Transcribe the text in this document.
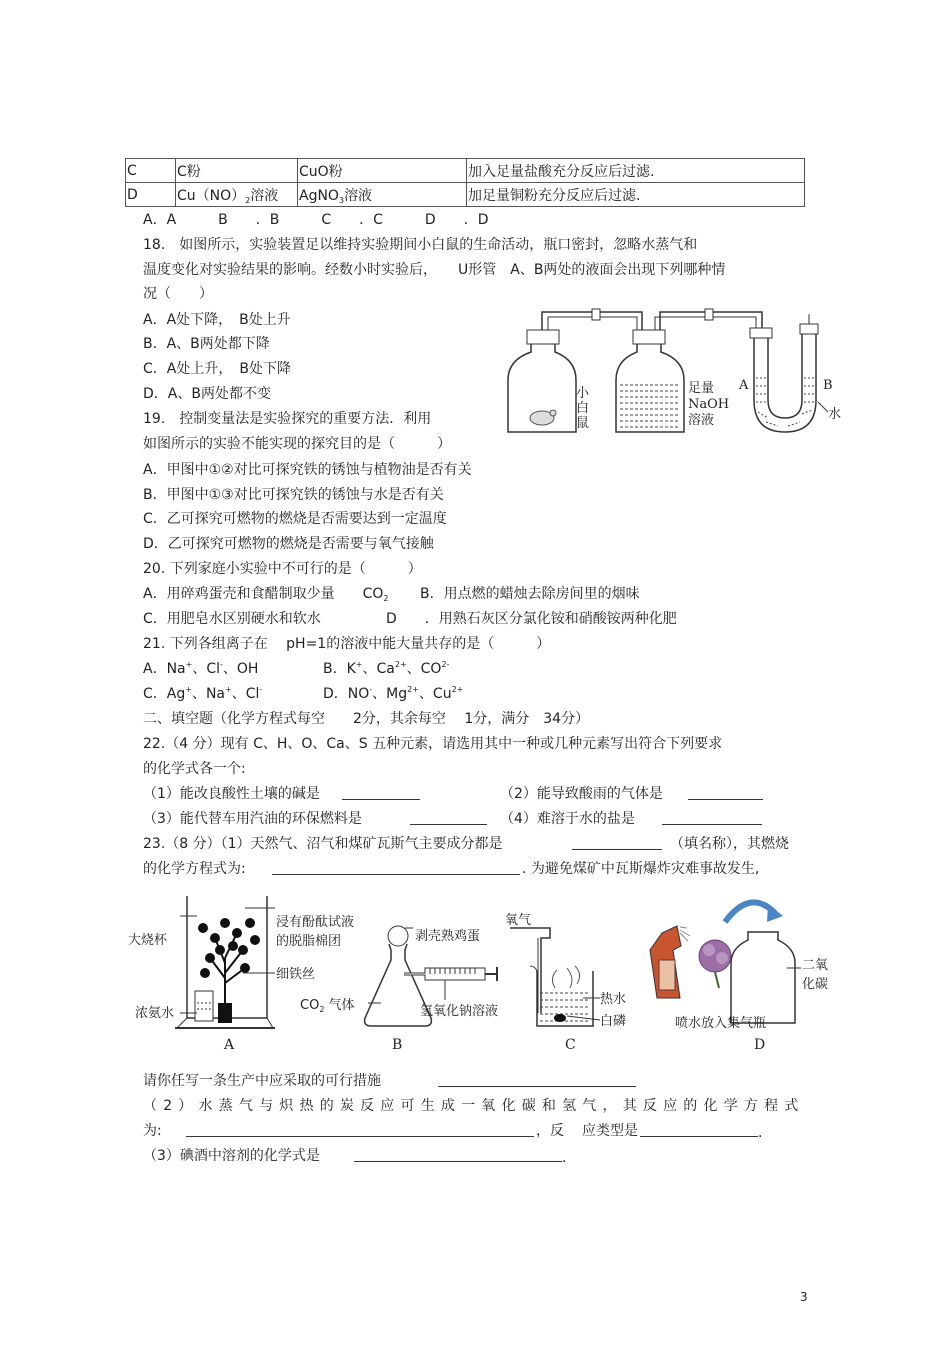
C	C粉	CuO粉	加入足量盐酸充分反应后过滤.
D	$Cu(NO)_2$溶液	AgNO$_3$溶液	加足量铜粉充分反应后过滤.
A．A　　　B　　．B　　　C　　．C　　　D　　．D
18.　如图所示，实验装置足以维持实验期间小白鼠的生命活动，瓶口密封，忽略水蒸气和
温度变化对实验结果的影响。经数小时实验后，　　U形管　A、B两处的液面会出现下列哪种情
况（　　）
A．A处下降，　B处上升
B．A、B两处都下降
C．A处上升，　B处下降
D．A、B两处都不变	小
白
鼠
足量
NaOH
溶液
A	B
水
19.　控制变量法是实验探究的重要方法．利用
如图所示的实验不能实现的探究目的是（　　　）
A．甲图中①②对比可探究铁的锈蚀与植物油是否有关
B．甲图中①③对比可探究铁的锈蚀与水是否有关
C．乙可探究可燃物的燃烧是否需要达到一定温度
D．乙可探究可燃物的燃烧是否需要与氧气接触
20. 下列家庭小实验中不可行的是（　　　）
A．用碎鸡蛋壳和食醋制取少量　　$CO_2$ B．用点燃的蜡烛去除房间里的烟味
C．用肥皂水区别硬水和软水	D　　．用熟石灰区分氯化铵和硝酸铵两种化肥
21. 下列各组离子在　 pH=1的溶液中能大量共存的是（　　　）
A．Na+、Cl-、OH	B．K+、$Ca^{2+}$、$CO^{2-}$
C．Ag+、Na+、Cl-	D．NO-、$Mg^{2+}$、$Cu^{2+}$
二、填空题（化学方程式每空　　2分，其余每空　 1分，满分　34分）
22.（4 分）现有 C、H、O、Ca、S 五种元素，请选用其中一种或几种元素写出符合下列要求
的化学式各一个:
（1）能改良酸性土壤的碱是	（2）能导致酸雨的气体是
（3）能代替车用汽油的环保燃料是	（4）难溶于水的盐是
23.（8 分）（1）天然气、沼气和煤矿瓦斯气主要成分都是	（填名称），其燃烧
的化学方程式为:	. 为避免煤矿中瓦斯爆炸灾难事故发生,
大烧杯
浸有酚酞试液
的脱脂棉团
细铁丝
浓氨水
剥壳熟鸡蛋
$CO_2$ 气体	氢氧化钠溶液
氧气
热水
白磷	喷水放入集气瓶
二氧
化碳
A	B	C	D
请你任写一条生产中应采取的可行措施
（2）水蒸气与炽热的炭反应可生成一氧化碳和氢气，其反应的化学方程式
为:	，反 应类型是	.
（3）碘酒中溶剂的化学式是	.
3
